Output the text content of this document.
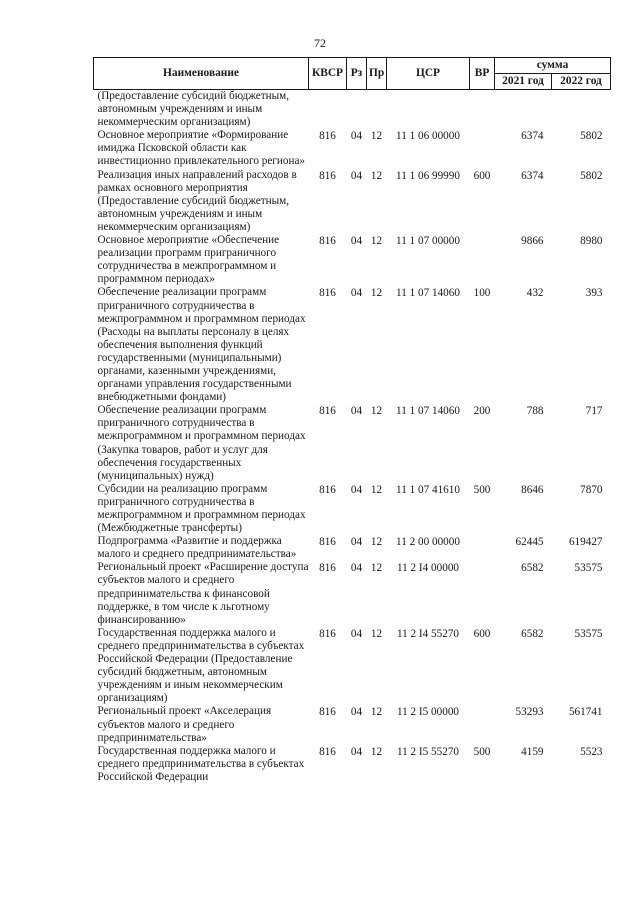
72
Наименование	КВСР	Рз	Пр	ЦСР	ВР	сумма	
						2021 год	2022 год
(Предоставление субсидий бюджетным, автономным учреждениям и иным некоммерческим организациям)							
Основное мероприятие «Формирование имиджа Псковской области как инвестиционно привлекательного региона»	816	04	12	11 1 06 00000		6374	5802
Реализация иных направлений расходов в рамках основного мероприятия (Предоставление субсидий бюджетным, автономным учреждениям и иным некоммерческим организациям)	816	04	12	11 1 06 99990	600	6374	5802
Основное мероприятие «Обеспечение реализации программ приграничного сотрудничества в межпрограммном и программном периодах»	816	04	12	11 1 07 00000		9866	8980
Обеспечение реализации программ приграничного сотрудничества в межпрограммном и программном периодах (Расходы на выплаты персоналу в целях обеспечения выполнения функций государственными (муниципальными) органами, казенными учреждениями, органами управления государственными внебюджетными фондами)	816	04	12	11 1 07 14060	100	432	393
Обеспечение реализации программ приграничного сотрудничества в межпрограммном и программном периодах (Закупка товаров, работ и услуг для обеспечения государственных (муниципальных) нужд)	816	04	12	11 1 07 14060	200	788	717
Субсидии на реализацию программ приграничного сотрудничества в межпрограммном и программном периодах (Межбюджетные трансферты)	816	04	12	11 1 07 41610	500	8646	7870
Подпрограмма «Развитие и поддержка малого и среднего предпринимательства»	816	04	12	11 2 00 00000		62445	619427
Региональный проект «Расширение доступа субъектов малого и среднего предпринимательства к финансовой поддержке, в том числе к льготному финансированию»	816	04	12	11 2 I4 00000		6582	53575
Государственная поддержка малого и среднего предпринимательства в субъектах Российской Федерации (Предоставление субсидий бюджетным, автономным учреждениям и иным некоммерческим организациям)	816	04	12	11 2 I4 55270	600	6582	53575
Региональный проект «Акселерация субъектов малого и среднего предпринимательства»	816	04	12	11 2 I5 00000		53293	561741
Государственная поддержка малого и среднего предпринимательства в субъектах Российской Федерации	816	04	12	11 2 I5 55270	500	4159	5523
